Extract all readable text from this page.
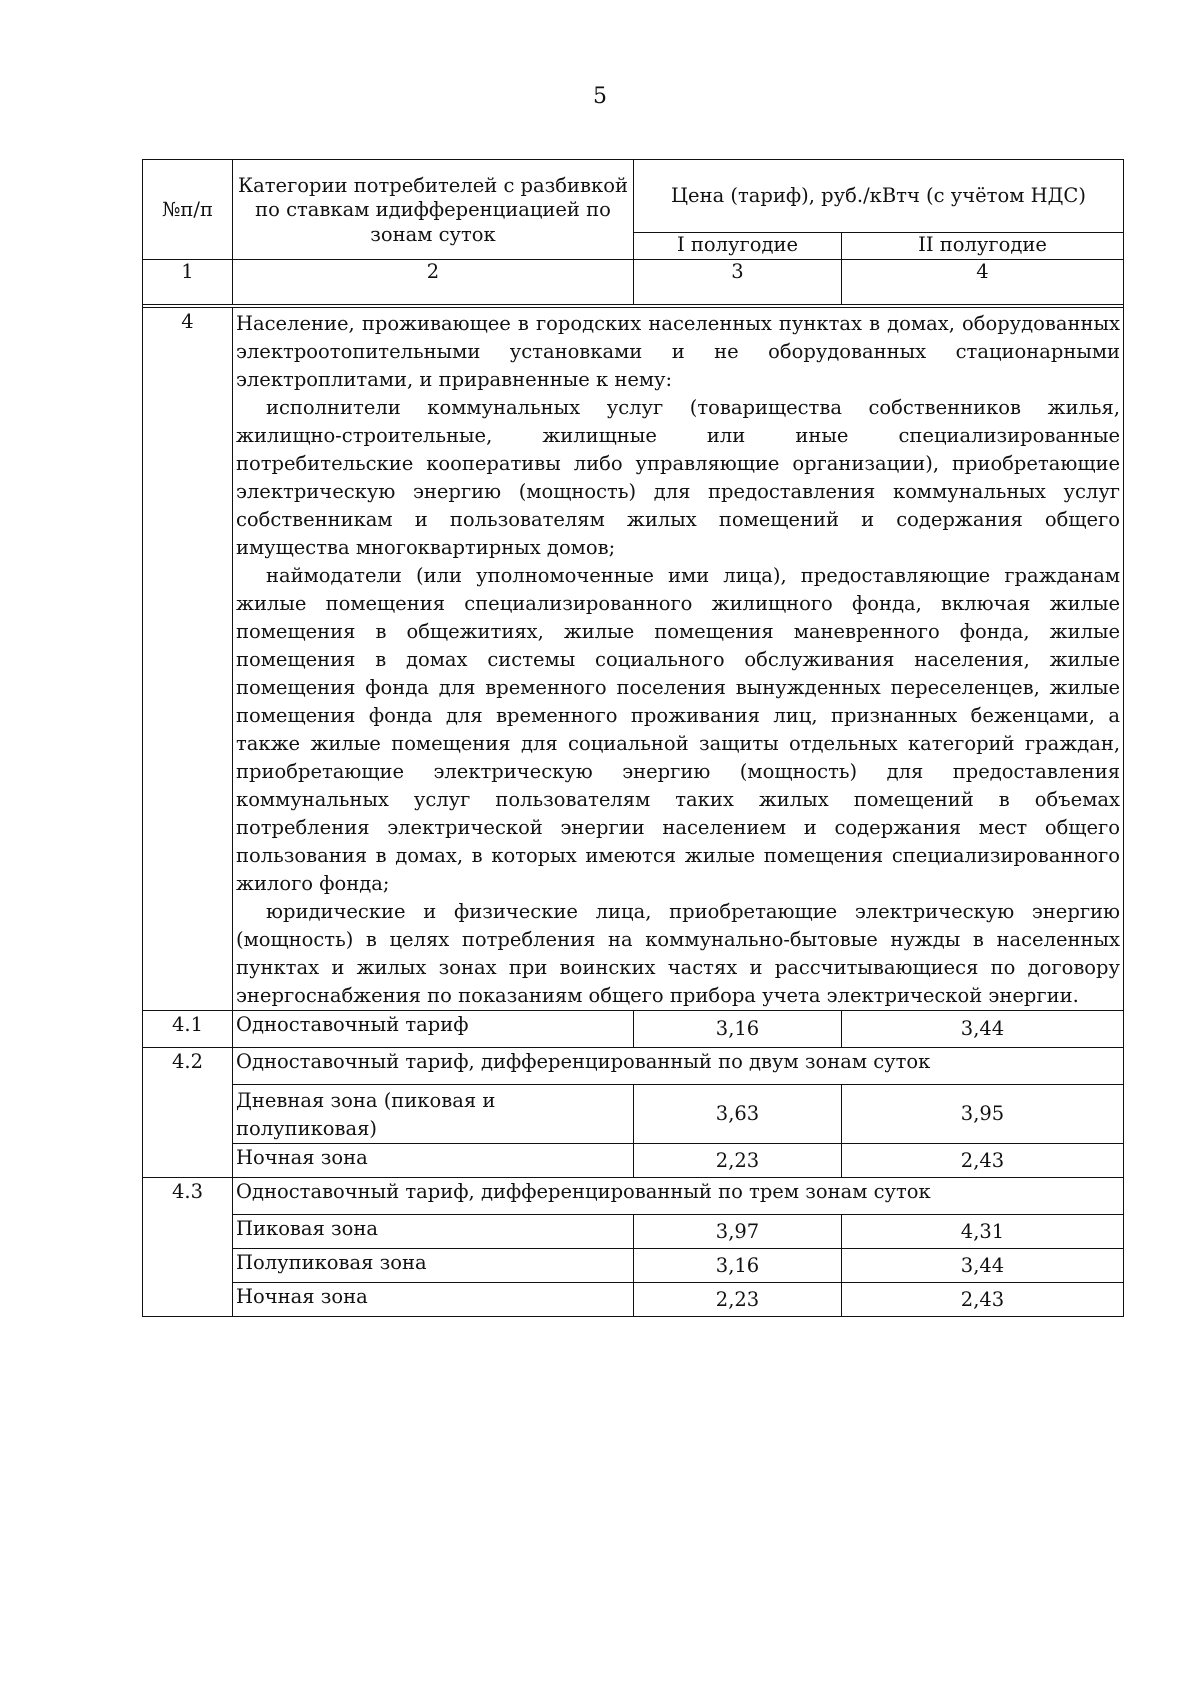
5
№п/п	Категории потребителей с разбивкой по ставкам идифференциацией по зонам суток	Цена (тариф), руб./кВтч (с учётом НДС)	
		I полугодие	II полугодие
1	2	3	4

4	Население, проживающее в городских населенных пунктах в домах, оборудованных электроотопительными установками и не оборудованных стационарными электроплитами, и приравненные к нему:

исполнители коммунальных услуг (товарищества собственников жилья, жилищно-строительные, жилищные или иные специализированные потребительские кооперативы либо управляющие организации), приобретающие электрическую энергию (мощность) для предоставления коммунальных услуг собственникам и пользователям жилых помещений и содержания общего имущества многоквартирных домов;

наймодатели (или уполномоченные ими лица), предоставляющие гражданам жилые помещения специализированного жилищного фонда, включая жилые помещения в общежитиях, жилые помещения маневренного фонда, жилые помещения в домах системы социального обслуживания населения, жилые помещения фонда для временного поселения вынужденных переселенцев, жилые помещения фонда для временного проживания лиц, признанных беженцами, а также жилые помещения для социальной защиты отдельных категорий граждан, приобретающие электрическую энергию (мощность) для предоставления коммунальных услуг пользователям таких жилых помещений в объемах потребления электрической энергии населением и содержания мест общего пользования в домах, в которых имеются жилые помещения специализированного жилого фонда;

юридические и физические лица, приобретающие электрическую энергию (мощность) в целях потребления на коммунально-бытовые нужды в населенных пунктах и жилых зонах при воинских частях и рассчитывающиеся по договору энергоснабжения по показаниям общего прибора учета электрической энергии.		

4.1	Одноставочный тариф	3,16	3,44
4.2	Одноставочный тариф, дифференцированный по двум зонам суток		
	Дневная зона (пиковая и полупиковая)	3,63	3,95
	Ночная зона	2,23	2,43
4.3	Одноставочный тариф, дифференцированный по трем зонам суток		
	Пиковая зона	3,97	4,31
	Полупиковая зона	3,16	3,44
	Ночная зона	2,23	2,43
